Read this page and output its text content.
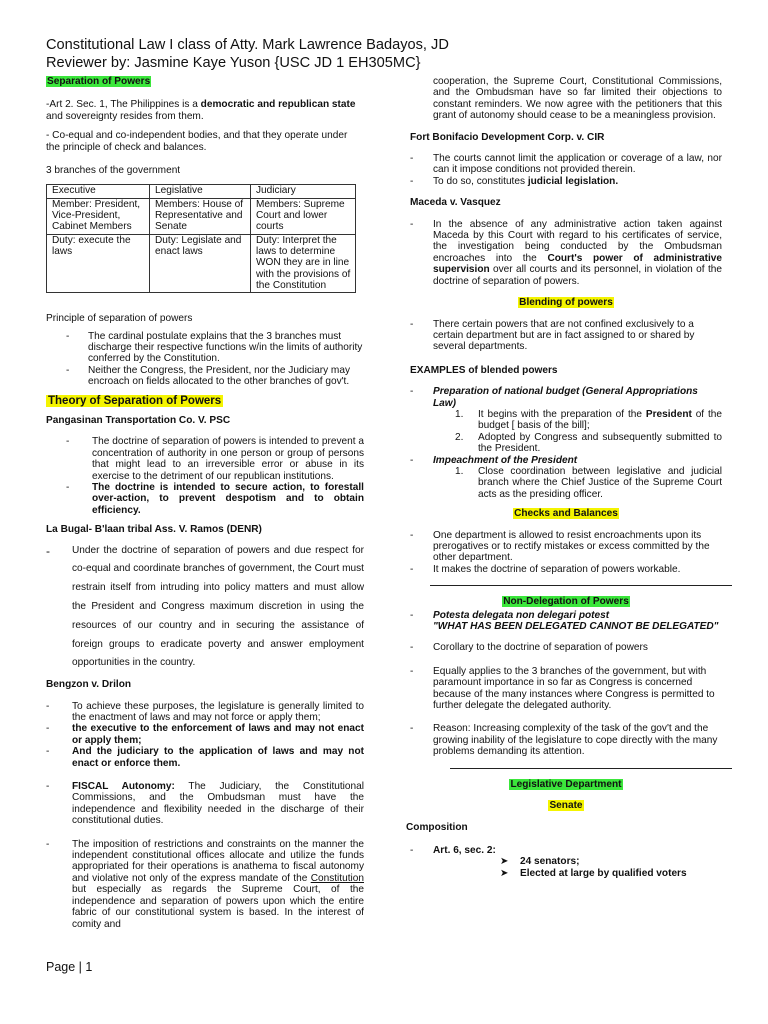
Constitutional Law I class of Atty. Mark Lawrence Badayos, JD
Reviewer by: Jasmine Kaye Yuson {USC JD 1 EH305MC}

Separation of Powers

-Art 2. Sec. 1, The Philippines is a democratic and republican state and sovereignty resides from them.

- Co-equal and co-independent bodies, and that they operate under the principle of check and balances.

3 branches of the government

Executive	Legislative	Judiciary
Member: President, Vice-President, Cabinet Members	Members: House of Representative and Senate	Members: Supreme Court and lower courts
Duty: execute the laws	Duty: Legislate and enact laws	Duty: Interpret the laws to determine WON they are in line with the provisions of the Constitution

Principle of separation of powers

-	The cardinal postulate explains that the 3 branches must discharge their respective functions w/in the limits of authority conferred by the Constitution.
-	Neither the Congress, the President, nor the Judiciary may encroach on fields allocated to the other branches of gov't.

Theory of Separation of Powers

Pangasinan Transportation Co. V. PSC

-	The doctrine of separation of powers is intended to prevent a concentration of authority in one person or group of persons that might lead to an irreversible error or abuse in its exercise to the detriment of our republican institutions.
-	The doctrine is intended to secure action, to forestall over-action, to prevent despotism and to obtain efficiency.

La Bugal- B'laan tribal Ass. V. Ramos (DENR)

-	Under the doctrine of separation of powers and due respect for co-equal and coordinate branches of government, the Court must restrain itself from intruding into policy matters and must allow the President and Congress maximum discretion in using the resources of our country and in securing the assistance of foreign groups to eradicate poverty and answer employment opportunities in the country.

Bengzon v. Drilon

-	To achieve these purposes, the legislature is generally limited to the enactment of laws and may not force or apply them;
-	the executive to the enforcement of laws and may not enact or apply them;
-	And the judiciary to the application of laws and may not enact or enforce them.
-	FISCAL Autonomy: The Judiciary, the Constitutional Commissions, and the Ombudsman must have the independence and flexibility needed in the discharge of their constitutional duties.
-	The imposition of restrictions and constraints on the manner the independent constitutional offices allocate and utilize the funds appropriated for their operations is anathema to fiscal autonomy and violative not only of the express mandate of the Constitution but especially as regards the Supreme Court, of the independence and separation of powers upon which the entire fabric of our constitutional system is based. In the interest of comity and

cooperation, the Supreme Court, Constitutional Commissions, and the Ombudsman have so far limited their objections to constant reminders. We now agree with the petitioners that this grant of autonomy should cease to be a meaningless provision.

Fort Bonifacio Development Corp. v. CIR

-	The courts cannot limit the application or coverage of a law, nor can it impose conditions not provided therein.
-	To do so, constitutes judicial legislation.

Maceda v. Vasquez

-	In the absence of any administrative action taken against Maceda by this Court with regard to his certificates of service, the investigation being conducted by the Ombudsman encroaches into the Court's power of administrative supervision over all courts and its personnel, in violation of the doctrine of separation of powers.

Blending of powers

-	There certain powers that are not confined exclusively to a certain department but are in fact assigned to or shared by several departments.

EXAMPLES of blended powers

-	Preparation of national budget (General Appropriations Law)
1.	It begins with the preparation of the President of the budget [ basis of the bill];
2.	Adopted by Congress and subsequently submitted to the President.
-	Impeachment of the President
1.	Close coordination between legislative and judicial branch where the Chief Justice of the Supreme Court acts as the presiding officer.

Checks and Balances

-	One department is allowed to resist encroachments upon its prerogatives or to rectify mistakes or excess committed by the other department.
-	It makes the doctrine of separation of powers workable.

Non-Delegation of Powers

-	Potesta delegata non delegari potest

"WHAT HAS BEEN DELEGATED CANNOT BE DELEGATED"

-	Corollary to the doctrine of separation of powers
-	Equally applies to the 3 branches of the government, but with paramount importance in so far as Congress is concerned because of the many instances where Congress is permitted to further delegate the delegated authority.
-	Reason: Increasing complexity of the task of the gov't and the growing inability of the legislature to cope directly with the many problems demanding its attention.

Legislative Department

Senate

Composition

-	Art. 6, sec. 2:
➤	24 senators;
➤	Elected at large by qualified voters
Page | 1
